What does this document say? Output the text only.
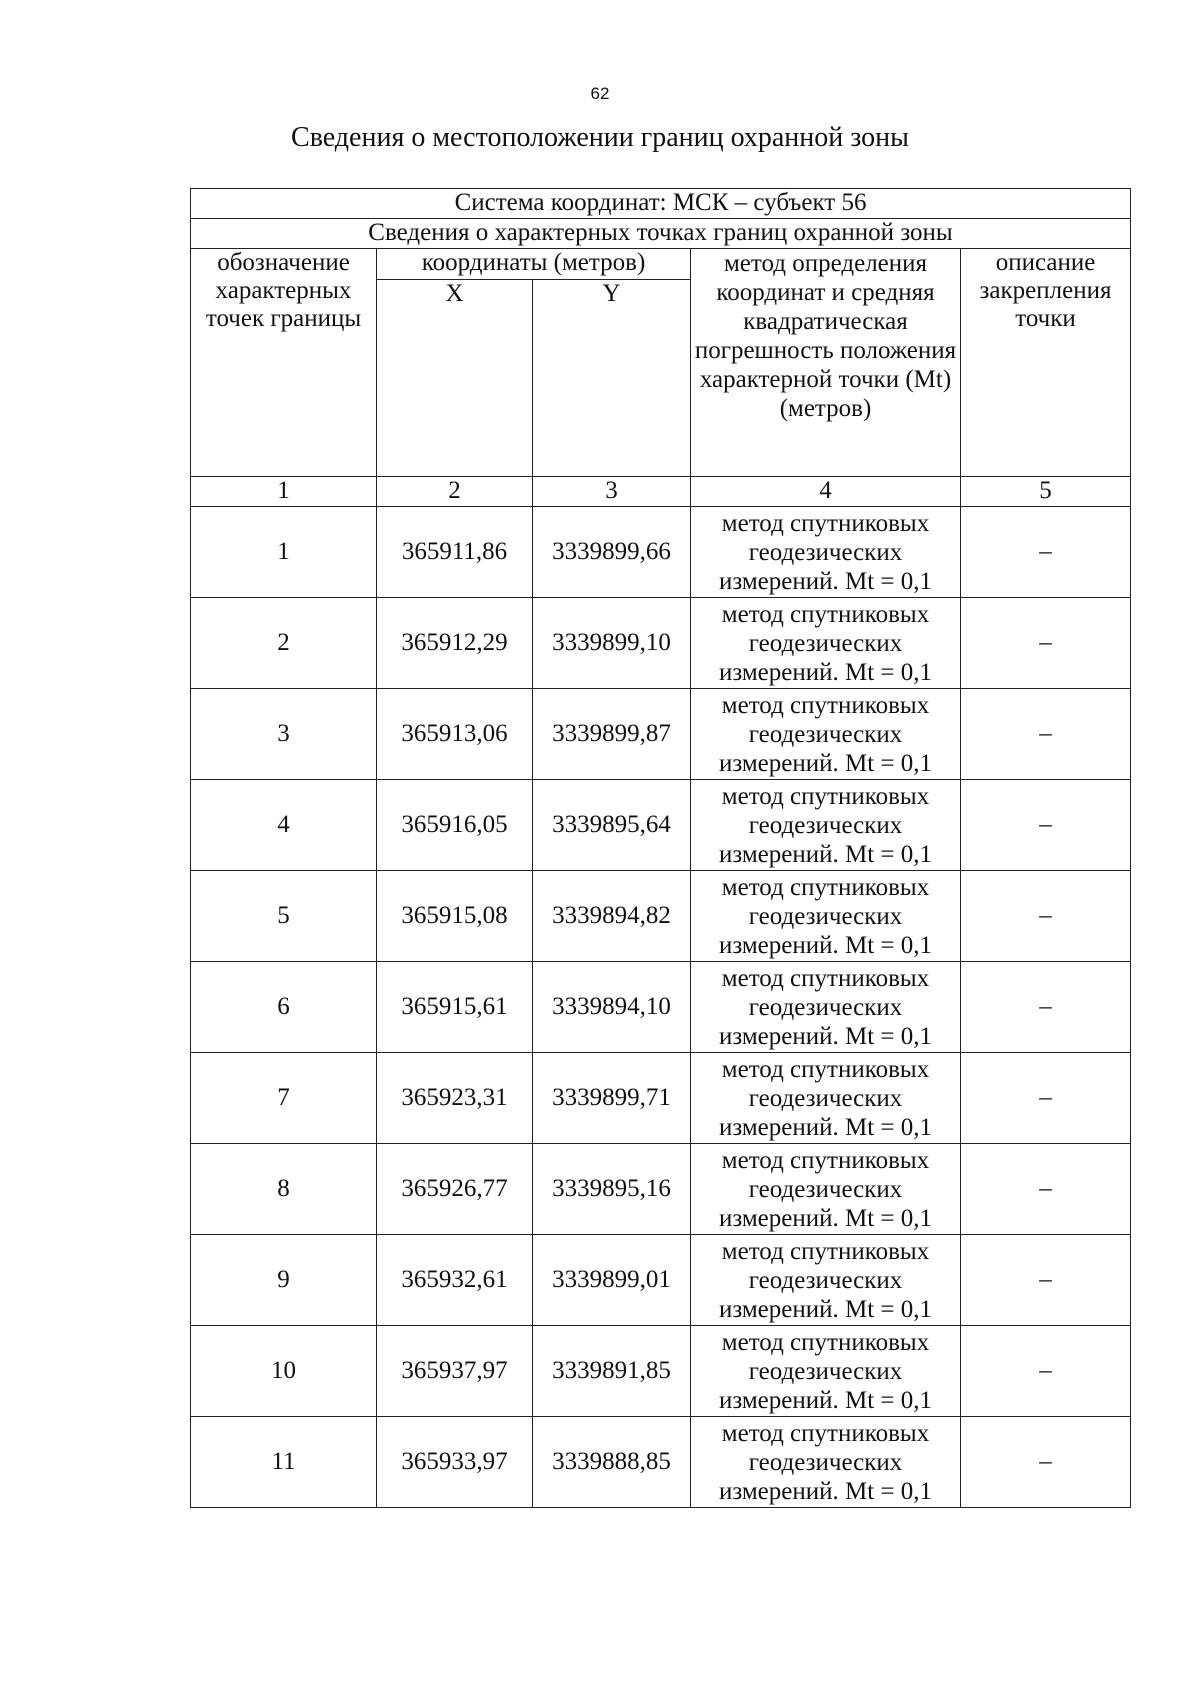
62
Сведения о местоположении границ охранной зоны
Система координат: МСК – субъект 56				
Сведения о характерных точках границ охранной зоны				
обозначение характерных точек границы	координаты (метров)		метод определения координат и средняя квадратическая погрешность положения характерной точки (Mt) (метров)	описание закрепления точки
	X	Y		
1	2	3	4	5
1	365911,86	3339899,66	метод спутниковых геодезических измерений. Mt = 0,1	–
2	365912,29	3339899,10	метод спутниковых геодезических измерений. Mt = 0,1	–
3	365913,06	3339899,87	метод спутниковых геодезических измерений. Mt = 0,1	–
4	365916,05	3339895,64	метод спутниковых геодезических измерений. Mt = 0,1	–
5	365915,08	3339894,82	метод спутниковых геодезических измерений. Mt = 0,1	–
6	365915,61	3339894,10	метод спутниковых геодезических измерений. Mt = 0,1	–
7	365923,31	3339899,71	метод спутниковых геодезических измерений. Mt = 0,1	–
8	365926,77	3339895,16	метод спутниковых геодезических измерений. Mt = 0,1	–
9	365932,61	3339899,01	метод спутниковых геодезических измерений. Mt = 0,1	–
10	365937,97	3339891,85	метод спутниковых геодезических измерений. Mt = 0,1	–
11	365933,97	3339888,85	метод спутниковых геодезических измерений. Mt = 0,1	–
